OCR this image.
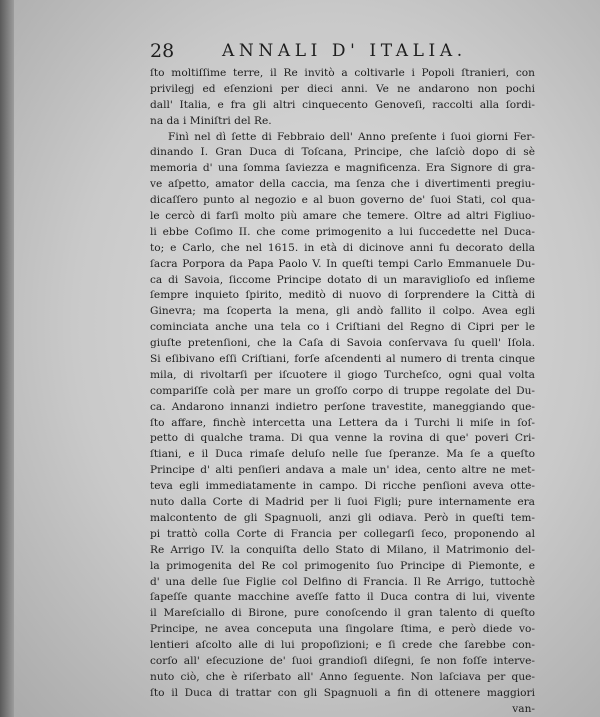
28	ANNALI D' ITALIA.
ſto moltiſſime terre, il Re invitò a coltivarle i Popoli ſtranieri, con
privilegj ed eſenzioni per dieci anni. Ve ne andarono non pochi
dall' Italia, e fra gli altri cinquecento Genoveſi, raccolti alla ſordi-
na da i Miniſtri del Re.
Finì nel dì ſette di Febbraio dell' Anno preſente i ſuoi giorni Fer-
dinando I. Gran Duca di Toſcana, Principe, che laſciò dopo di sè
memoria d' una ſomma ſaviezza e magnificenza. Era Signore di gra-
ve aſpetto, amator della caccia, ma ſenza che i divertimenti pregiu-
dicaſſero punto al negozio e al buon governo de' ſuoi Stati, col qua-
le cercò di farſi molto più amare che temere. Oltre ad altri Figliuo-
li ebbe Coſimo II. che come primogenito a lui ſuccedette nel Duca-
to; e Carlo, che nel 1615. in età di dicinove anni fu decorato della
ſacra Porpora da Papa Paolo V. In queſti tempi Carlo Emmanuele Du-
ca di Savoia, ſiccome Principe dotato di un maraviglioſo ed inſieme
ſempre inquieto ſpirito, meditò di nuovo di ſorprendere la Città di
Ginevra; ma ſcoperta la mena, gli andò fallito il colpo. Avea egli
cominciata anche una tela co i Criſtiani del Regno di Cipri per le
giuſte pretenſioni, che la Caſa di Savoia conſervava ſu quell' Iſola.
Si eſibivano eſſi Criſtiani, forſe aſcendenti al numero di trenta cinque
mila, di rivoltarſi per iſcuotere il giogo Turcheſco, ogni qual volta
compariſſe colà per mare un groſſo corpo di truppe regolate del Du-
ca. Andarono innanzi indietro perſone travestite, maneggiando que-
ſto affare, finchè intercetta una Lettera da i Turchi li miſe in ſoſ-
petto di qualche trama. Di qua venne la rovina di que' poveri Cri-
ſtiani, e il Duca rimaſe deluſo nelle ſue ſperanze. Ma ſe a queſto
Principe d' alti penſieri andava a male un' idea, cento altre ne met-
teva egli immediatamente in campo. Di ricche penſioni aveva otte-
nuto dalla Corte di Madrid per li ſuoi Figli; pure internamente era
malcontento de gli Spagnuoli, anzi gli odiava. Però in queſti tem-
pi trattò colla Corte di Francia per collegarſi ſeco, proponendo al
Re Arrigo IV. la conquiſta dello Stato di Milano, il Matrimonio del-
la primogenita del Re col primogenito ſuo Principe di Piemonte, e
d' una delle ſue Figlie col Delfino di Francia. Il Re Arrigo, tuttochè
ſapeſſe quante macchine aveſſe fatto il Duca contra di lui, vivente
il Mareſciallo di Birone, pure conoſcendo il gran talento di queſto
Principe, ne avea conceputa una ſingolare ſtima, e però diede vo-
lentieri aſcolto alle di lui propoſizioni; e ſi crede che ſarebbe con-
corſo all' eſecuzione de' ſuoi grandioſi diſegni, ſe non foſſe interve-
nuto ciò, che è riſerbato all' Anno ſeguente. Non laſciava per que-
ſto il Duca di trattar con gli Spagnuoli a fin di ottenere maggiori
van-
